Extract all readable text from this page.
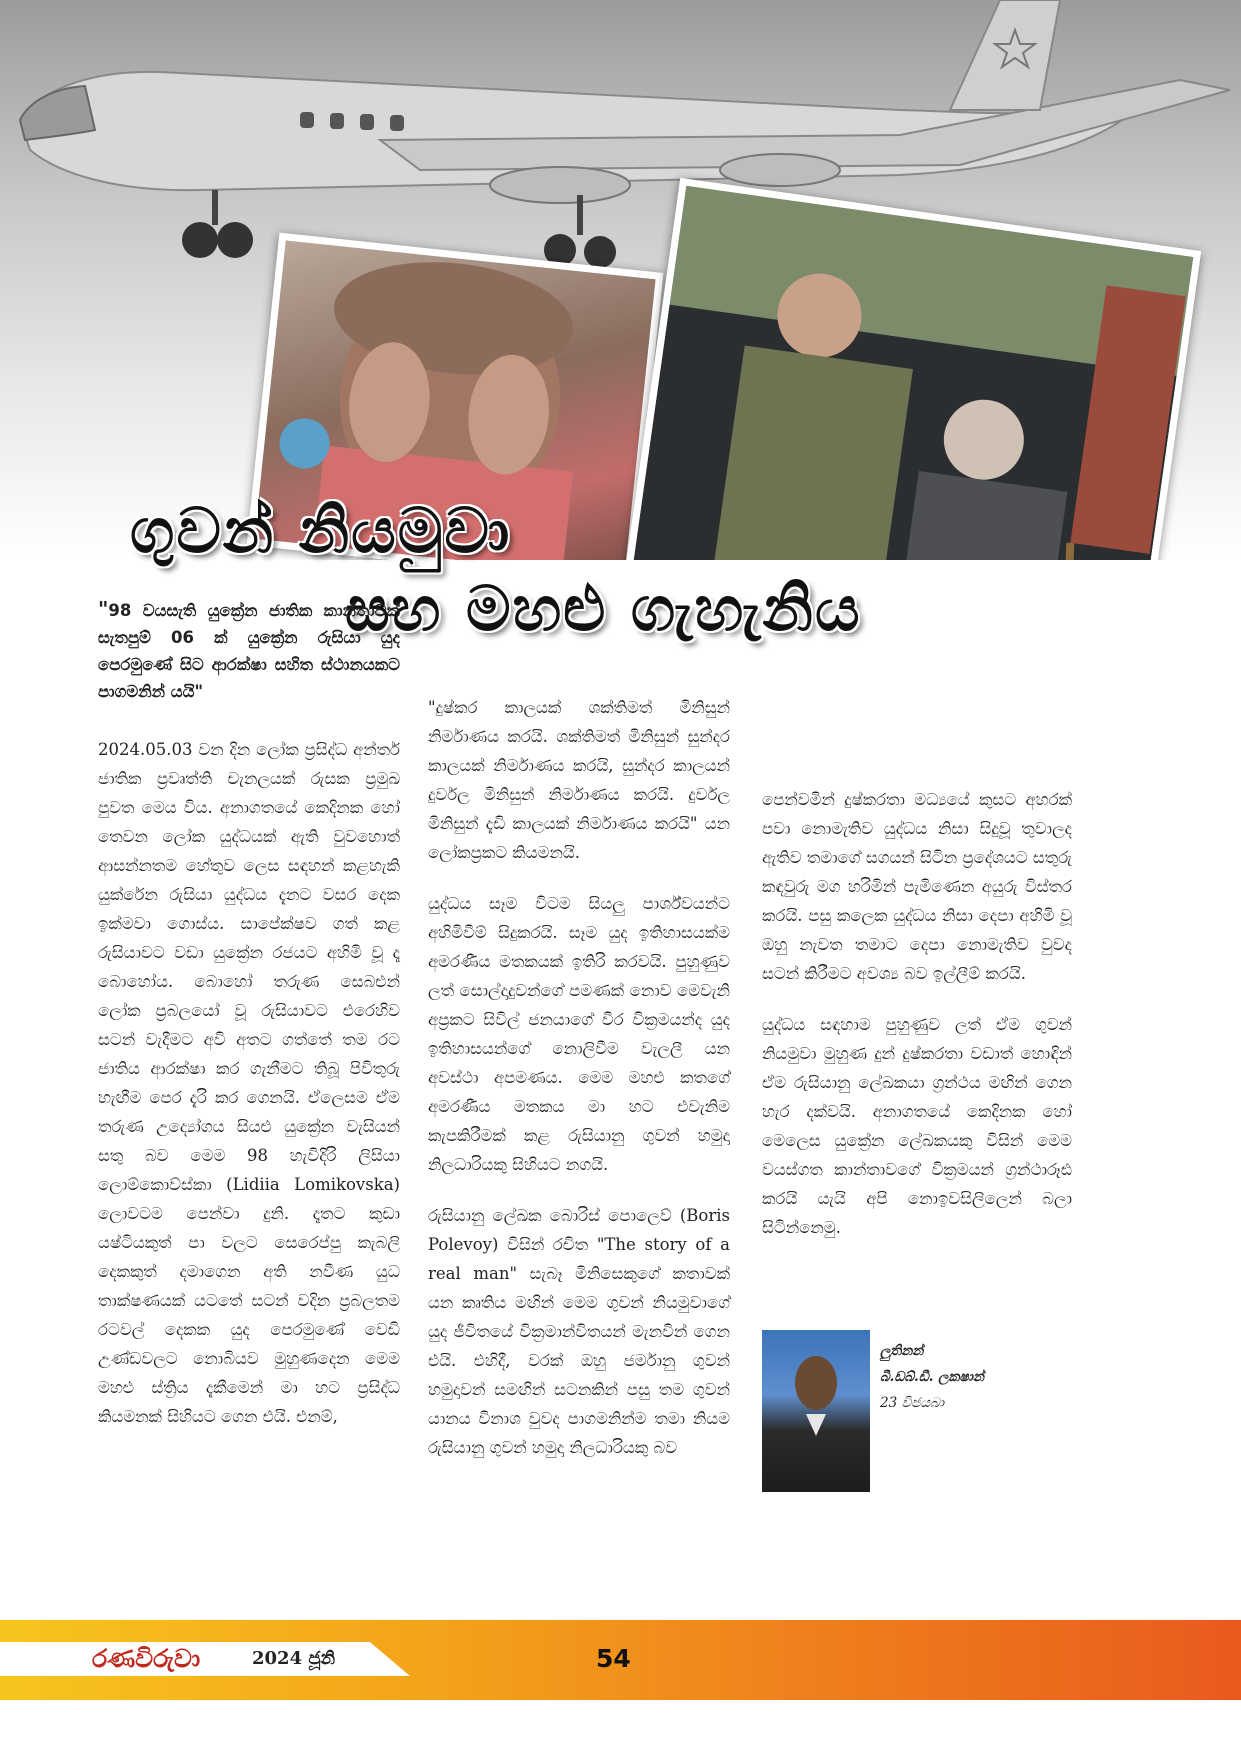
ගුවන් නියමුවා
සහ මහළු ගැහැනිය
"98 වයසැති යුක්‍රේන ජාතික කාන්තාවක් සැතපුම් 06 ක් යුක්‍රේන රුසියා යුද පෙරමුණේ සිට ආරක්ෂා සහිත ස්ථානයකට පාගමනින් යයි"

2024.05.03 වන දින ලෝක ප්‍රසිද්ධ අන්තර් ජාතික ප්‍රවෘත්ති චැනලයක් රුසක ප්‍රමුඛ පුවත මෙය විය. අනාගතයේ කෙදිනක හෝ තෙවන ලෝක යුද්ධයක් ඇති වුවහොත් ආසන්නතම හේතුව ලෙස සඳහන් කළහැකි යුක්රේන රුසියා යුද්ධය දැනට වසර දෙක ඉක්මවා ගොස්ය. සාපේක්ෂව ගත් කළ රුසියාවට වඩා යුක්‍රේන රජයට අහිමි වූ දෑ බොහෝය. බොහෝ තරුණ සෙබළුන් ලෝක ප්‍රබලයෝ වූ රුසියාවට එරෙහිව සටන් වැදීමට අවි අතට ගත්තේ තම රට ජාතිය ආරක්ෂා කර ගැනීමට තිබූ පිවිතුරු හැඟීම පෙර දැරි කර ගෙනයි. ඒලෙසම ඒම තරුණ උද්‍යෝගය සියළු යුක්‍රේන වැසියන් සතු බව මෙම 98 හැවිදිරි ලිසියා ලොම්කොව්ස්කා (Lidiia Lomikovska) ලොවටම පෙන්වා දුනි. දෑතට කුඩා යෂ්ටියකුත් පා වලට සෙරෙප්පු කැබලි දෙකකුත් දමාගෙන අති නවීණ යුධ තාක්ෂණයක් යටතේ සටන් වදින ප්‍රබලතම රටවල් දෙකක යුද පෙරමුණේ වෙඩි උණ්ඩවලට නොබියව මුහුණදෙන මෙම මහළු ස්ත්‍රිය දැකීමෙන් මා හට ප්‍රසිද්ධ කියමනක් සිහියට ගෙන එයි. එනම්,

"දුෂ්කර කාලයක් ශක්තිමත් මිනිසුන් නිර්මාණය කරයි. ශක්තිමත් මිනිසුන් සුන්දර කාලයක් නිර්මාණය කරයි, සුන්දර කාලයන් දුර්වල මිනිසුන් නිර්මාණය කරයි. දුර්වල මිනිසුන් දැඩි කාලයක් නිර්මාණය කරයි" යන ලෝකප්‍රකට කියමනයි.

යුද්ධය සෑම විටම සියලු පාර්ශ්වයන්ට අහිමිවීම් සිදුකරයි. සෑම යුද ඉතිහාසයක්ම අමරණීය මතකයක් ඉතිරි කරවයි. පුහුණුව ලත් සොල්දාදුවන්ගේ පමණක් නොව මෙවැනි අප්‍රකට සිවිල් ජනයාගේ වීර වික්‍රමයන්ද යුද ඉතිහාසයන්ගේ නොලිවීම වැලලී යන අවස්ථා අපමණය. මෙම මහළු කතගේ අමරණීය මතකය මා හට එවැනිම කැපකිරීමක් කළ රුසියානු ගුවන් හමුදා නිලධාරියකු සිහියට නගයි.

රුසියානු ලේඛක බොරිස් පොලෙව් (Boris Polevoy) විසින් රචිත "The story of a real man" සැබෑ මිනිසෙකුගේ කතාවක් යන කෘතිය මඟින් මෙම ගුවන් නියමුවාගේ යුද ජීවිතයේ වික්‍රමාන්විතයන් මැනවින් ගෙන එයි. එහිදී, වරක් ඔහු ජර්මානු ගුවන් හමුදාවන් සමඟින් සටනකින් පසු තම ගුවන් යානය විනාශ වුවද පාගමනින්ම තමා නියම රුසියානු ගුවන් හමුදා නිලධාරියකු බව

පෙන්වමින් දුෂ්කරතා මධ්‍යයේ කුසට අහරක් පවා නොමැතිව යුද්ධය නිසා සිදුවූ තුවාලද ඇතිව තමාගේ සගයන් සිටින ප්‍රදේශයට සතුරු කඳවුරු මග හරිමින් පැමිණෙන අයුරු විස්තර කරයි. පසු කලෙක යුද්ධය නිසා දෙපා අහිමි වූ ඔහු නැවත තමාට දෙපා නොමැතිව වුවද සටන් කිරීමට අවශ්‍ය බව ඉල්ලීම් කරයි.

යුද්ධය සඳහාම පුහුණුව ලත් ඒම ගුවන් නියමුවා මුහුණ දුන් දුෂ්කරතා වඩාත් හොඳින් ඒම රුසියානු ලේඛකයා ග්‍රන්ථය මඟින් ගෙන හැර දක්වයි. අනාගතයේ කෙදිනක හෝ මෙලෙස යුක්‍රේන ලේඛකයකු විසින් මෙම වයස්ගත කාන්තාවගේ වික්‍රමයන් ග්‍රන්ථාරූඪ කරයි යැයි අපි නොඉවසිලිලෙන් බලා සිටින්නෙමු.

ලුතිනන්
බී.ඩබ්.ඩී. ලකෂාන්
23 විජයබා
රණවිරුවා	2024 ජූනි	54
